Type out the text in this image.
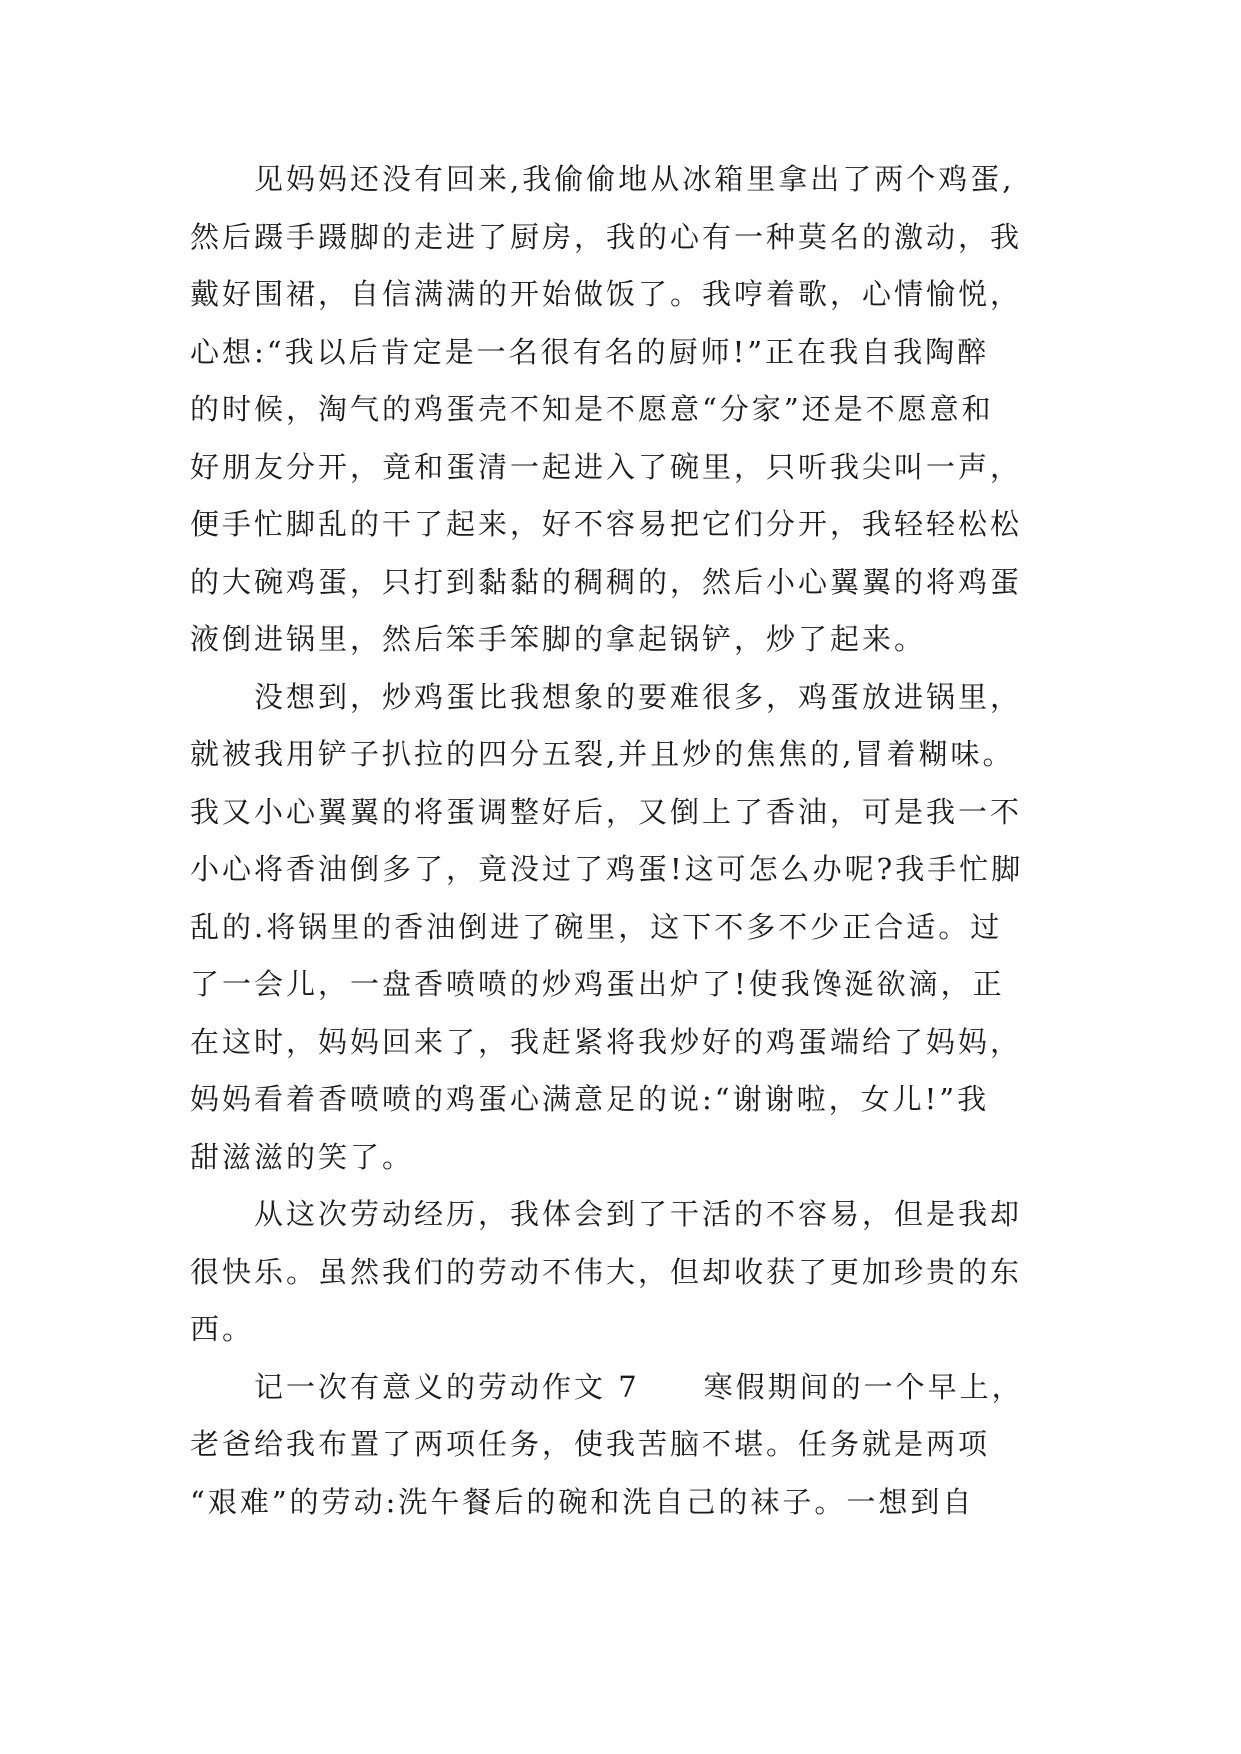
见妈妈还没有回来,我偷偷地从冰箱里拿出了两个鸡蛋,
然后蹑手蹑脚的走进了厨房，我的心有一种莫名的激动，我
戴好围裙，自信满满的开始做饭了。我哼着歌，心情愉悦，
心想:“我以后肯定是一名很有名的厨师!”正在我自我陶醉
的时候，淘气的鸡蛋壳不知是不愿意“分家”还是不愿意和
好朋友分开，竟和蛋清一起进入了碗里，只听我尖叫一声，
便手忙脚乱的干了起来，好不容易把它们分开，我轻轻松松
的大碗鸡蛋，只打到黏黏的稠稠的，然后小心翼翼的将鸡蛋
液倒进锅里，然后笨手笨脚的拿起锅铲，炒了起来。
没想到，炒鸡蛋比我想象的要难很多，鸡蛋放进锅里，
就被我用铲子扒拉的四分五裂,并且炒的焦焦的,冒着糊味。
我又小心翼翼的将蛋调整好后，又倒上了香油，可是我一不
小心将香油倒多了，竟没过了鸡蛋!这可怎么办呢?我手忙脚
乱的.将锅里的香油倒进了碗里，这下不多不少正合适。过
了一会儿，一盘香喷喷的炒鸡蛋出炉了!使我馋涎欲滴，正
在这时，妈妈回来了，我赶紧将我炒好的鸡蛋端给了妈妈，
妈妈看着香喷喷的鸡蛋心满意足的说:“谢谢啦，女儿!”我
甜滋滋的笑了。
从这次劳动经历，我体会到了干活的不容易，但是我却
很快乐。虽然我们的劳动不伟大，但却收获了更加珍贵的东
西。
记一次有意义的劳动作文 7　　寒假期间的一个早上，
老爸给我布置了两项任务，使我苦脑不堪。任务就是两项
“艰难”的劳动:洗午餐后的碗和洗自己的袜子。一想到自
